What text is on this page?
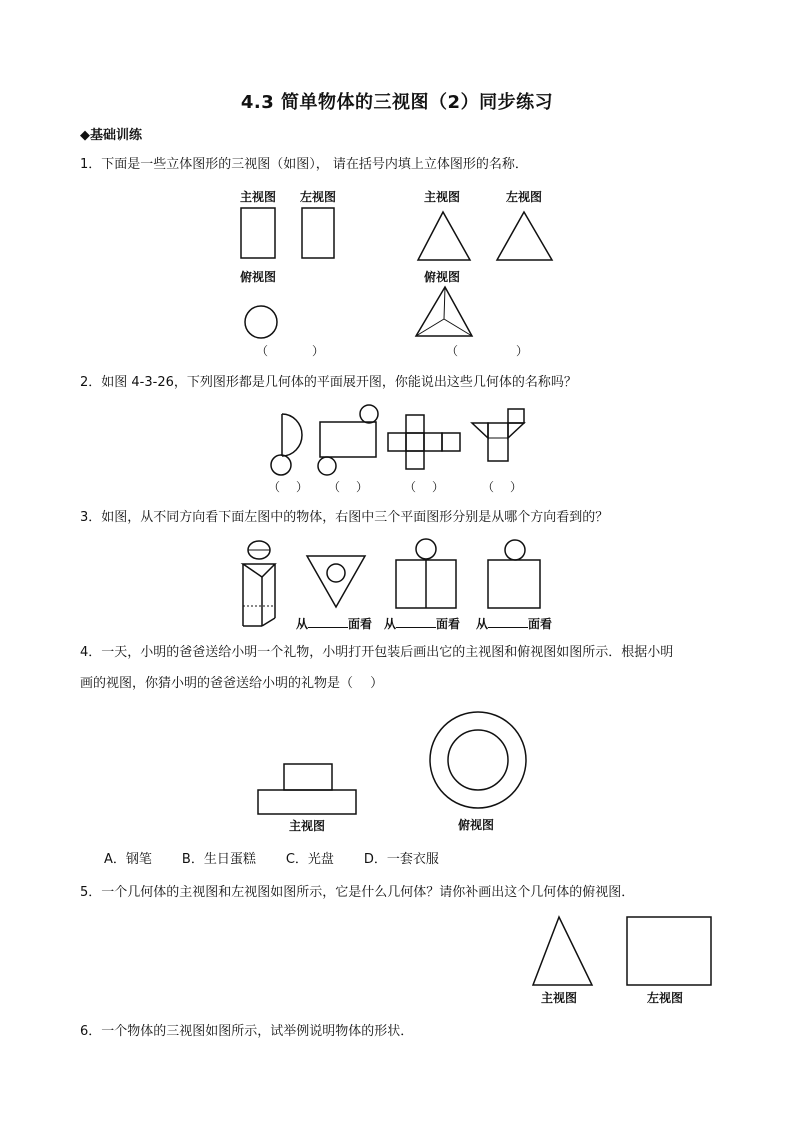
4.3 简单物体的三视图（2）同步练习
◆基础训练
1．下面是一些立体图形的三视图（如图）， 请在括号内填上立体图形的名称．
主视图 左视图
俯视图
主视图	左视图
俯视图
（　　　）	（　　　　）
2．如图 4-3-26，下列图形都是几何体的平面展开图，你能说出这些几何体的名称吗？
（　） （　）	（　）	（　）
3．如图，从不同方向看下面左图中的物体，右图中三个平面图形分别是从哪个方向看到的？
从	面看 从	面看 从	面看
4．一天，小明的爸爸送给小明一个礼物，小明打开包装后画出它的主视图和俯视图如图所示．根据小明
画的视图，你猜小明的爸爸送给小明的礼物是（　 ）
主视图	俯视图
A．钢笔 B．生日蛋糕 C．光盘 D．一套衣服
5．一个几何体的主视图和左视图如图所示，它是什么几何体？请你补画出这个几何体的俯视图．
主视图	左视图
6．一个物体的三视图如图所示，试举例说明物体的形状．
